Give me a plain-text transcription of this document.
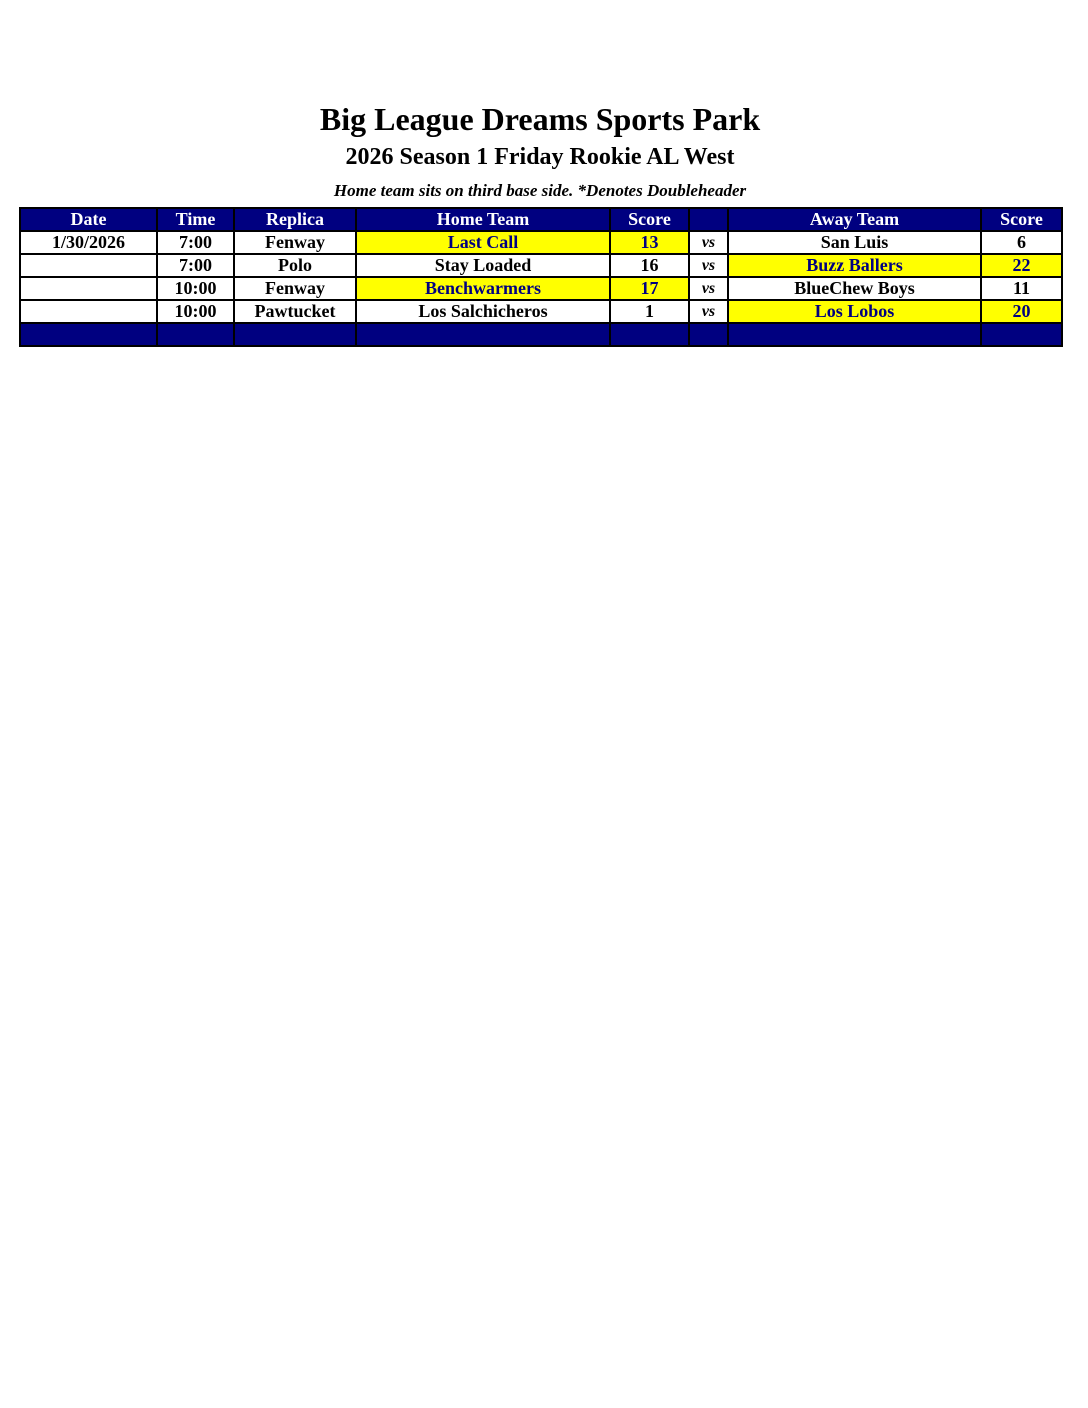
Big League Dreams Sports Park
2026 Season 1 Friday Rookie AL West
Home team sits on third base side. *Denotes Doubleheader
Date	Time	Replica	Home Team	Score		Away Team	Score
1/30/2026	7:00	Fenway	Last Call	13	vs	San Luis	6
	7:00	Polo	Stay Loaded	16	vs	Buzz Ballers	22
	10:00	Fenway	Benchwarmers	17	vs	BlueChew Boys	11
	10:00	Pawtucket	Los Salchicheros	1	vs	Los Lobos	20
